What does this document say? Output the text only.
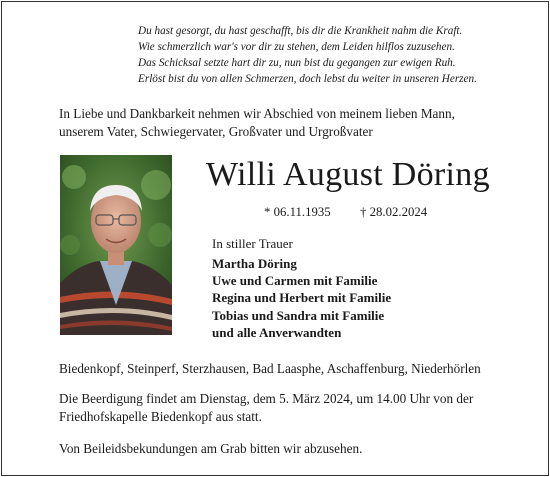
Du hast gesorgt, du hast geschafft, bis dir die Krankheit nahm die Kraft.
Wie schmerzlich war's vor dir zu stehen, dem Leiden hilflos zuzusehen.
Das Schicksal setzte hart dir zu, nun bist du gegangen zur ewigen Ruh.
Erlöst bist du von allen Schmerzen, doch lebst du weiter in unseren Herzen.
In Liebe und Dankbarkeit nehmen wir Abschied von meinem lieben Mann,
unserem Vater, Schwiegervater, Großvater und Urgroßvater
Willi August Döring
* 06.11.1935 † 28.02.2024
In stiller Trauer
Martha Döring
Uwe und Carmen mit Familie
Regina und Herbert mit Familie
Tobias und Sandra mit Familie
und alle Anverwandten
Biedenkopf, Steinperf, Sterzhausen, Bad Laasphe, Aschaffenburg, Niederhörlen
Die Beerdigung findet am Dienstag, dem 5. März 2024, um 14.00 Uhr von der
Friedhofskapelle Biedenkopf aus statt.
Von Beileidsbekundungen am Grab bitten wir abzusehen.
